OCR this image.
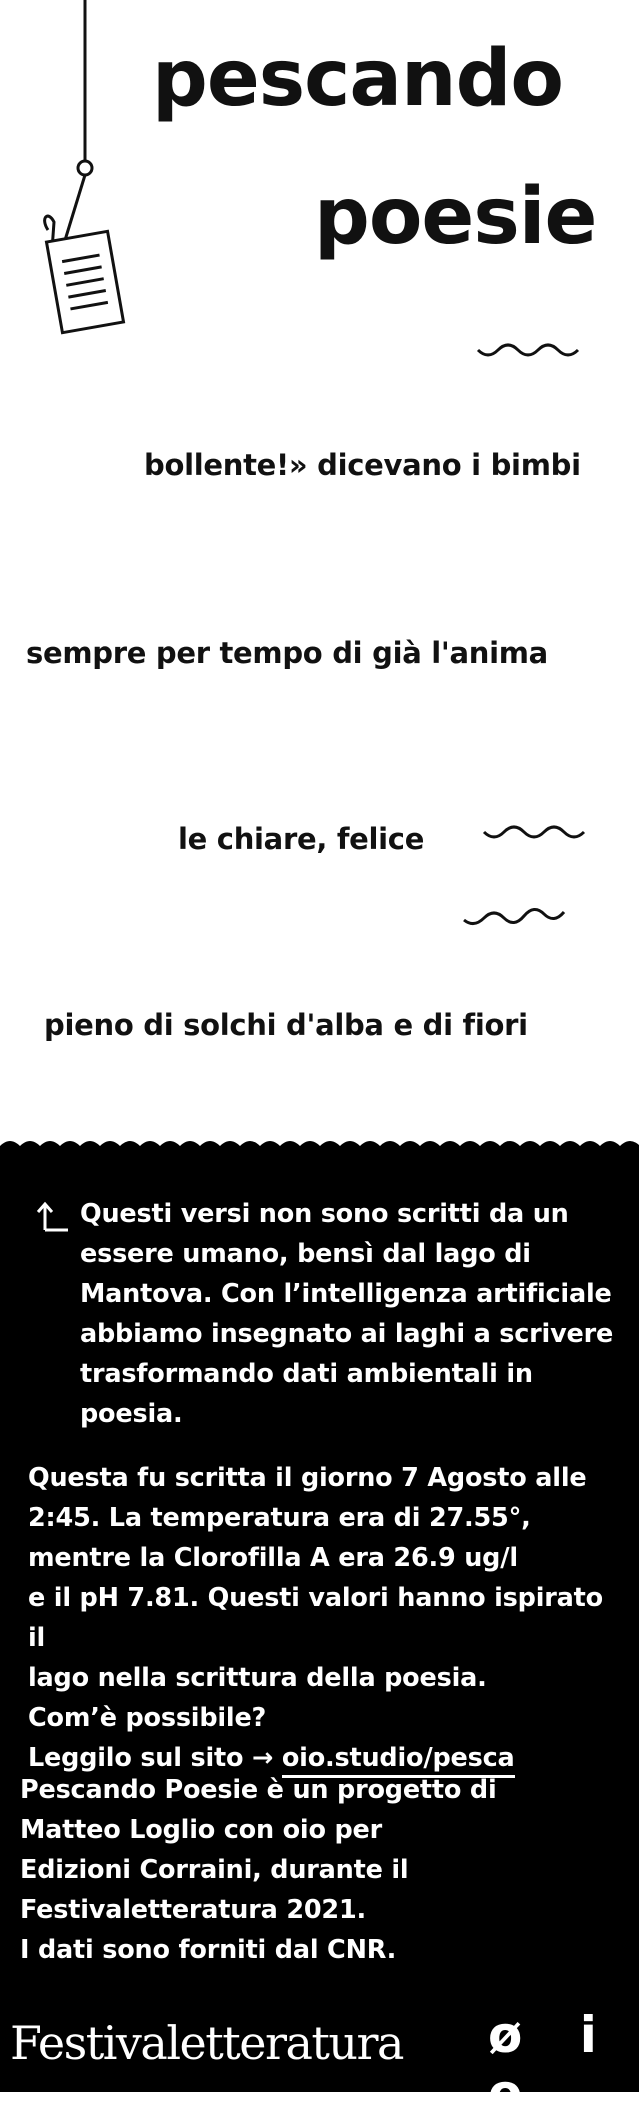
pescando
poesie

bollente!» dicevano i bimbi

sempre per tempo di già l'anima

le chiare, felice

pieno di solchi d'alba e di fiori

Questi versi non sono scritti da un essere umano, bensì dal lago di Mantova. Con l’intelligenza artificiale abbiamo insegnato ai laghi a scrivere trasformando dati ambientali in poesia.

Questa fu scritta il giorno 7 Agosto alle
2:45. La temperatura era di 27.55°,
mentre la Clorofilla A era 26.9 ug/l
e il pH 7.81. Questi valori hanno ispirato il
lago nella scrittura della poesia.
Com’è possibile?
Leggilo sul sito → oio.studio/pesca

Pescando Poesie è un progetto di
Matteo Loglio con oio per
Edizioni Corraini, durante il
Festivaletteratura 2021.
I dati sono forniti dal CNR.

Festivaletteratura ø i o
